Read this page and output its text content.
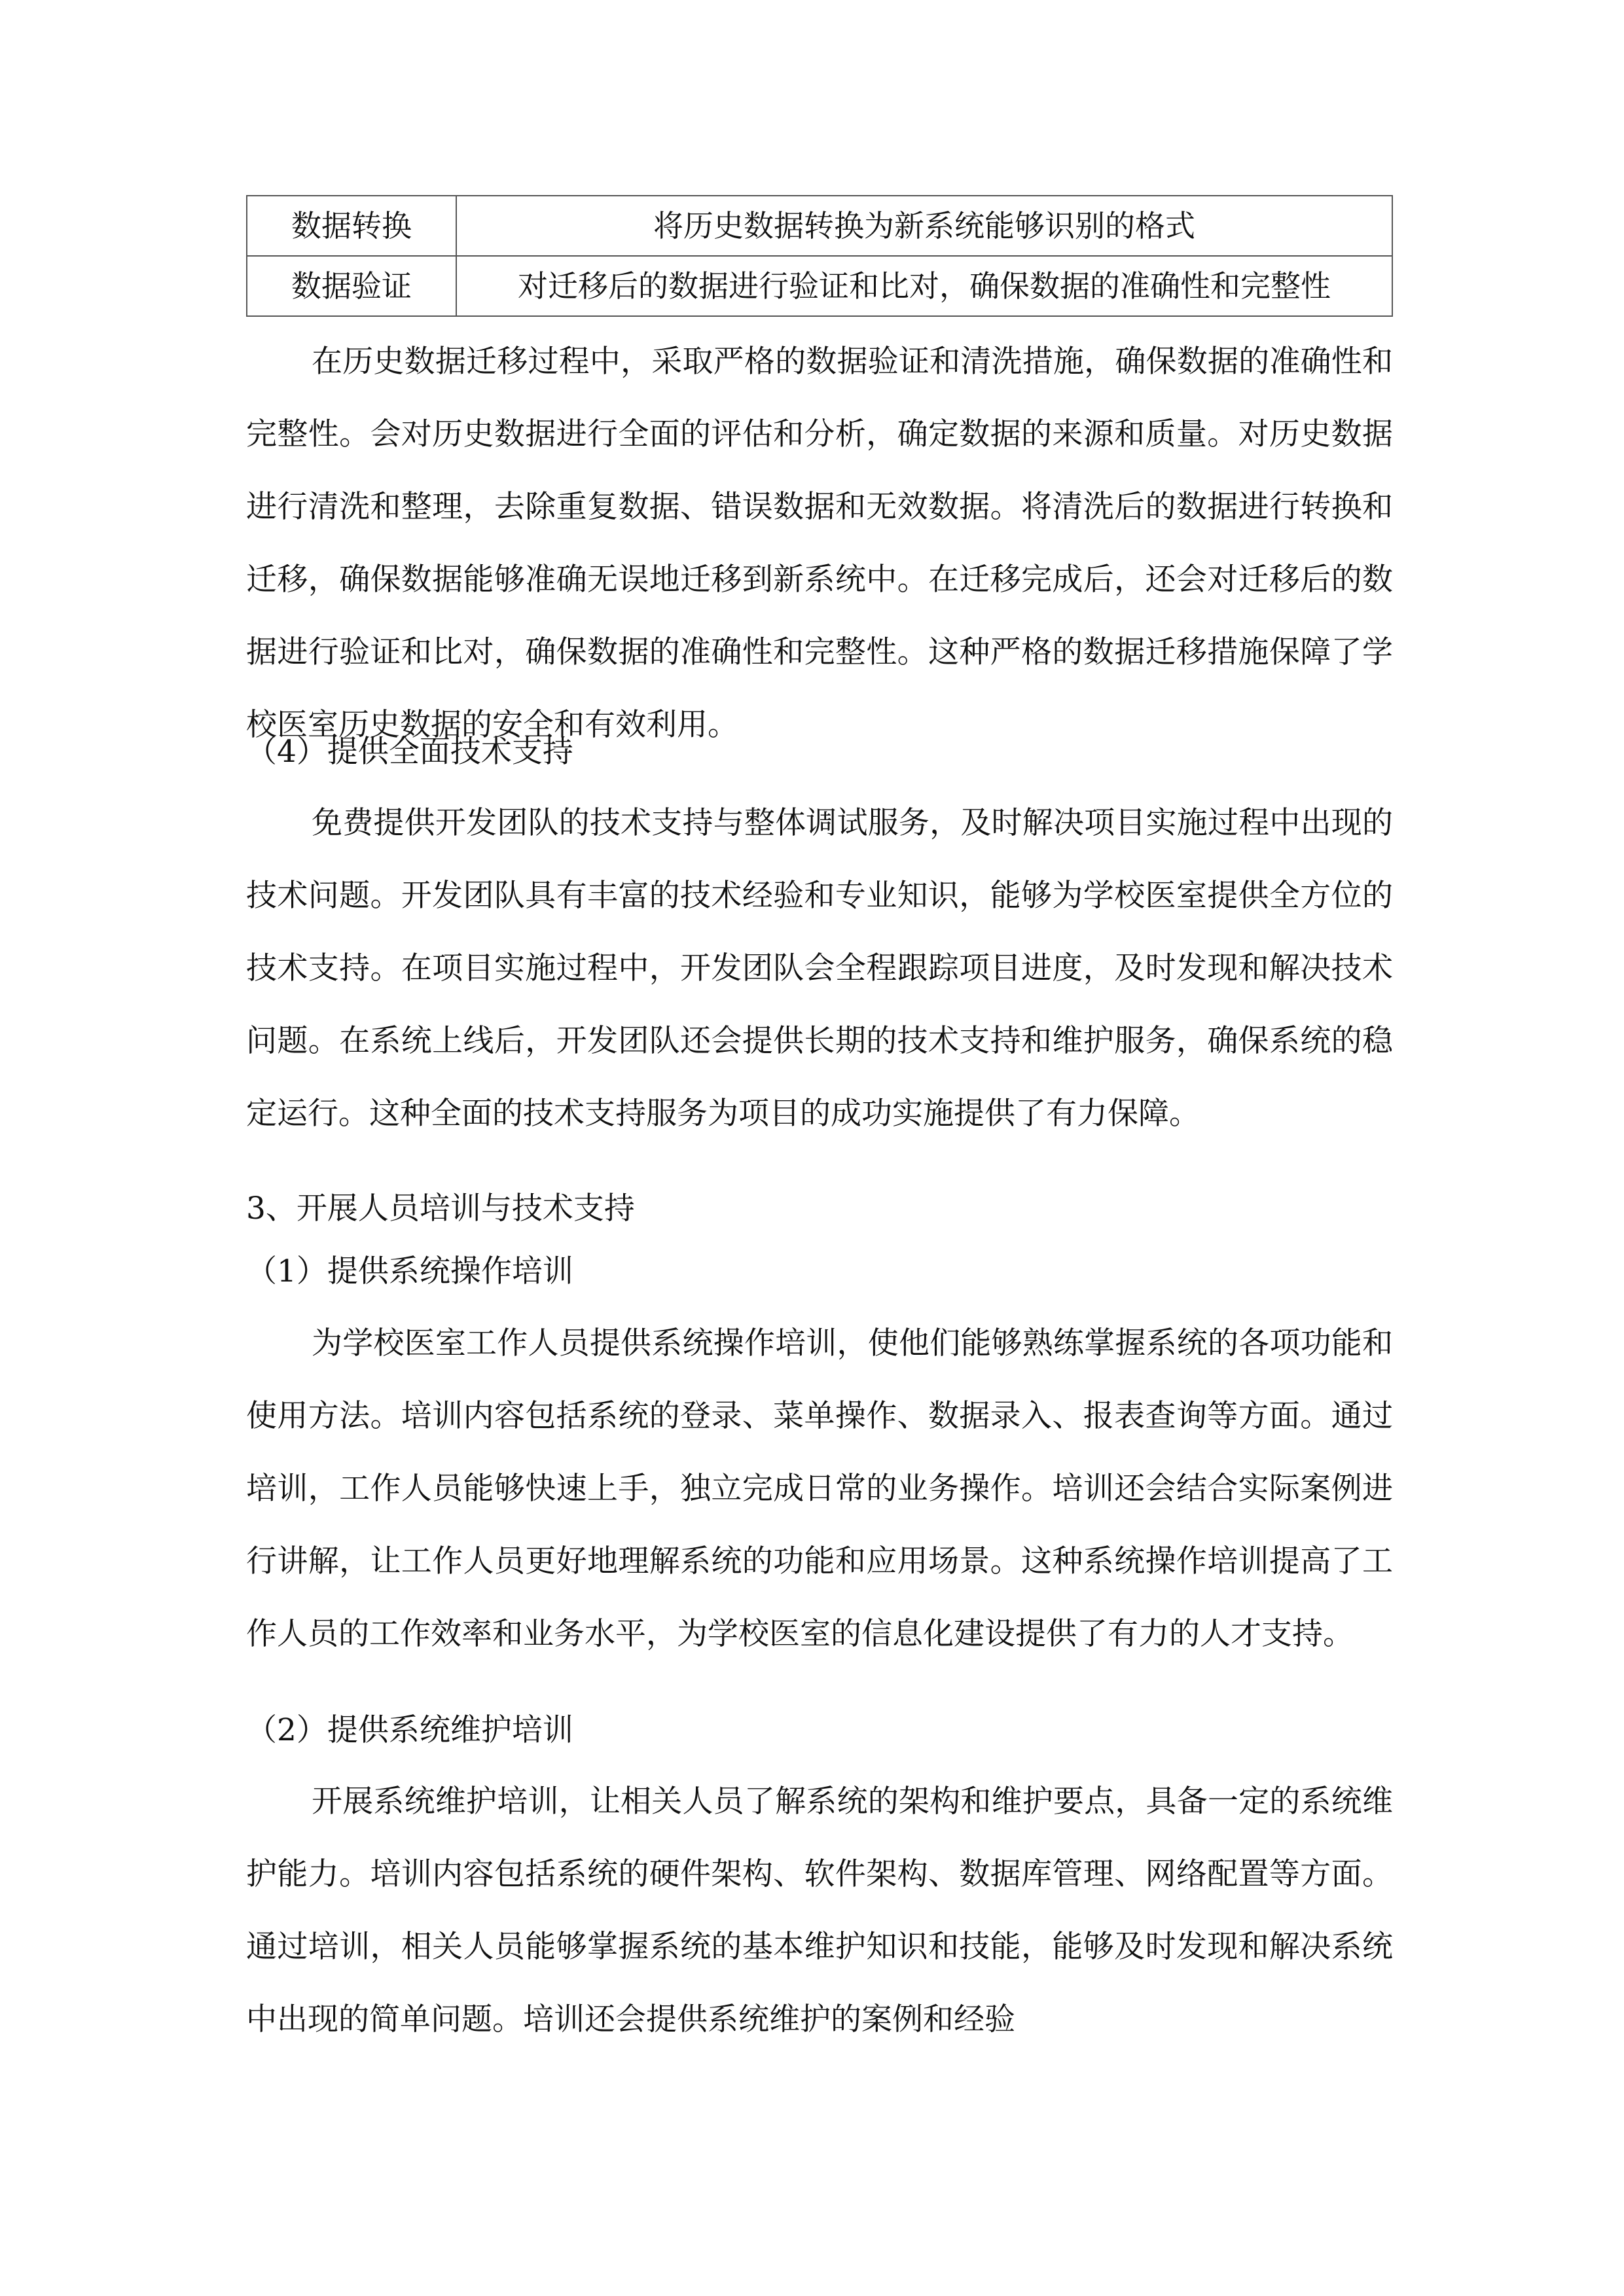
数据转换	将历史数据转换为新系统能够识别的格式
数据验证	对迁移后的数据进行验证和比对，确保数据的准确性和完整性

在历史数据迁移过程中，采取严格的数据验证和清洗措施，确保数据的准确性和完整性。会对历史数据进行全面的评估和分析，确定数据的来源和质量。对历史数据进行清洗和整理，去除重复数据、错误数据和无效数据。将清洗后的数据进行转换和迁移，确保数据能够准确无误地迁移到新系统中。在迁移完成后，还会对迁移后的数据进行验证和比对，确保数据的准确性和完整性。这种严格的数据迁移措施保障了学校医室历史数据的安全和有效利用。

（4）提供全面技术支持

免费提供开发团队的技术支持与整体调试服务，及时解决项目实施过程中出现的技术问题。开发团队具有丰富的技术经验和专业知识，能够为学校医室提供全方位的技术支持。在项目实施过程中，开发团队会全程跟踪项目进度，及时发现和解决技术问题。在系统上线后，开发团队还会提供长期的技术支持和维护服务，确保系统的稳定运行。这种全面的技术支持服务为项目的成功实施提供了有力保障。

3、开展人员培训与技术支持
（1）提供系统操作培训

为学校医室工作人员提供系统操作培训，使他们能够熟练掌握系统的各项功能和使用方法。培训内容包括系统的登录、菜单操作、数据录入、报表查询等方面。通过培训，工作人员能够快速上手，独立完成日常的业务操作。培训还会结合实际案例进行讲解，让工作人员更好地理解系统的功能和应用场景。这种系统操作培训提高了工作人员的工作效率和业务水平，为学校医室的信息化建设提供了有力的人才支持。

（2）提供系统维护培训

开展系统维护培训，让相关人员了解系统的架构和维护要点，具备一定的系统维护能力。培训内容包括系统的硬件架构、软件架构、数据库管理、网络配置等方面。通过培训，相关人员能够掌握系统的基本维护知识和技能，能够及时发现和解决系统中出现的简单问题。培训还会提供系统维护的案例和经验
